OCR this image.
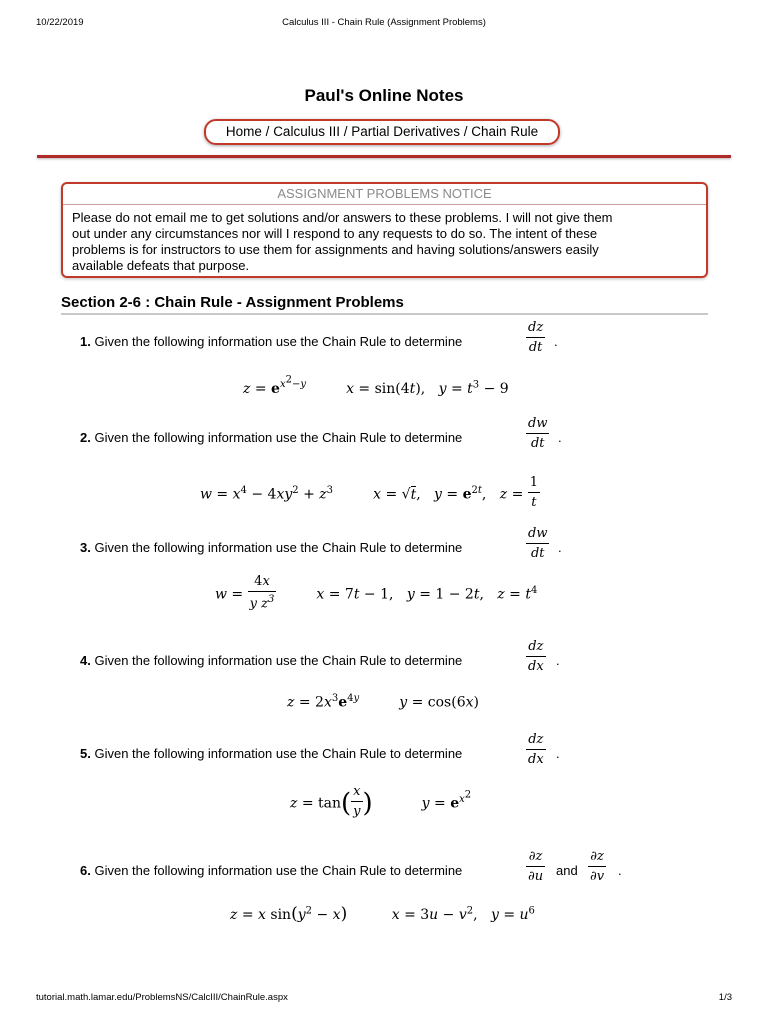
10/22/2019	Calculus III - Chain Rule (Assignment Problems)
Paul's Online Notes
Home / Calculus III / Partial Derivatives / Chain Rule
ASSIGNMENT PROBLEMS NOTICE
Please do not email me to get solutions and/or answers to these problems. I will not give them
out under any circumstances nor will I respond to any requests to do so. The intent of these
problems is for instructors to use them for assignments and having solutions/answers easily
available defeats that purpose.
Section 2-6 : Chain Rule - Assignment Problems
1. Given the following information use the Chain Rule to determine
dz
dt .
$z = e^{x^2-y}$	x = sin(4t),   $y = t^3 - 9$
2. Given the following information use the Chain Rule to determine
dw
dt .
$w = x^4 - 4xy^2 + z^3$	x = √t,   $y = e^{2t}$,   $z = \frac{1}{t}$
3. Given the following information use the Chain Rule to determine
dw
dt .
$w = \frac{4x}{y z^3}$	x = 7t − 1,   y = 1 − 2t,   $z = t^4$
4. Given the following information use the Chain Rule to determine
dz
dx .
$z = 2x^3e^{4y}$	y = cos(6x)
5. Given the following information use the Chain Rule to determine
dz
dx .
$z = \tan( \frac{x}{y}$ )	$y = e^{x^2}$
6. Given the following information use the Chain Rule to determine
∂z
∂u and
∂z
∂v .
z = x $\sin(y^2 - x)$	$x = 3u - v^2$,   $y = u^6$
tutorial.math.lamar.edu/ProblemsNS/CalcIII/ChainRule.aspx	1/3
